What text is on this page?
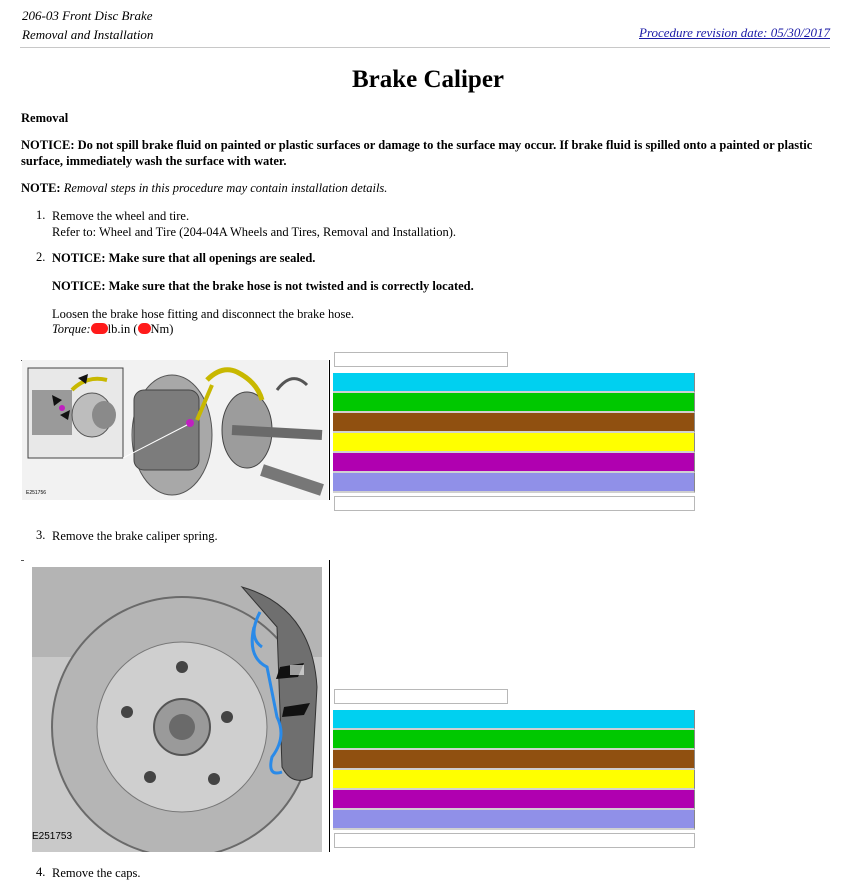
206-03 Front Disc Brake
Removal and Installation	Procedure revision date: 05/30/2017
Brake Caliper
Removal
NOTICE: Do not spill brake fluid on painted or plastic surfaces or damage to the surface may occur. If brake fluid is spilled onto a painted or plastic surface, immediately wash the surface with water.
NOTE: Removal steps in this procedure may contain installation details.
1. Remove the wheel and tire.
Refer to: Wheel and Tire (204-04A Wheels and Tires, Removal and Installation).
2. NOTICE: Make sure that all openings are sealed.
NOTICE: Make sure that the brake hose is not twisted and is correctly located.
Loosen the brake hose fitting and disconnect the brake hose.
Torque: lb.in ( Nm)
E251756
3. Remove the brake caliper spring.
E251753
4. Remove the caps.
